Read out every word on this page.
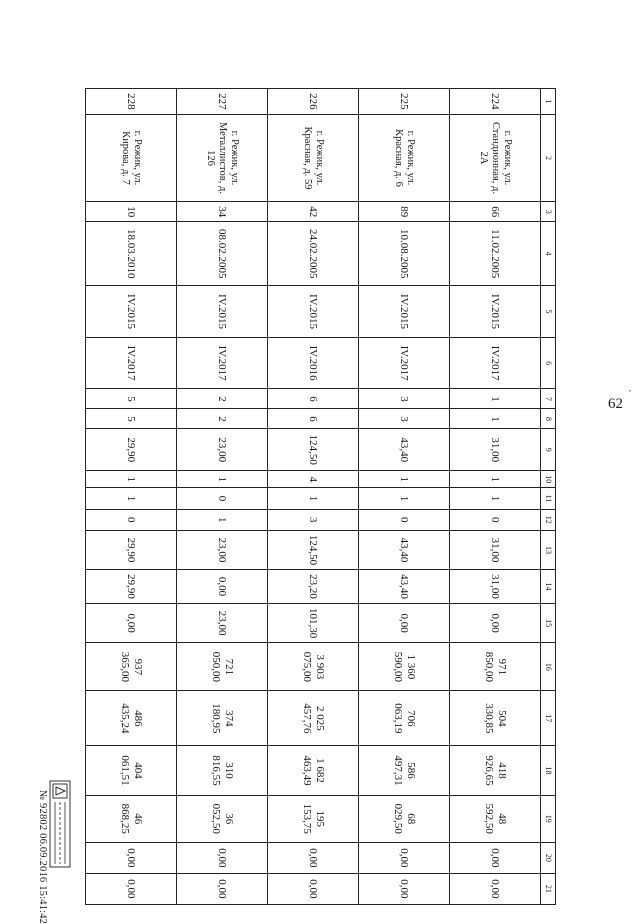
'
62
1	2	3	4	5	6	7	8	9	10	11	12	13	14	15	16	17	18	19	20	21
224	г. Режик, ул. Стандионная, д. 2А	66	11.02.2005	IV.2015	IV.2017	1	1	31,00	1	1	0	31,00	31,00	0,00	971 850,00	504 330,85	418 926,65	48 592,50	0,00	0,00
225	г. Режик, ул. Красная, д. 6	89	10.08.2005	IV.2015	IV.2017	3	3	43,40	1	1	0	43,40	43,40	0,00	1 360 590,00	706 063,19	586 497,31	68 029,50	0,00	0,00
226	г. Режик, ул. Красная, д. 59	42	24.02.2005	IV.2015	IV.2016	6	6	124,50	4	1	3	124,50	23,20	101,30	3 903 075,00	2 025 457,76	1 682 463,49	195 153,75	0,00	0,00
227	г. Режик, ул. Металлистов, д. 126	34	08.02.2005	IV.2015	IV.2017	2	2	23,00	1	0	1	23,00	0,00	23,00	721 050,00	374 180,95	310 816,55	36 052,50	0,00	0,00
228	г. Режик, ул. Кирова, д. 7	10	18.03.2010	IV.2015	IV.2017	5	5	29,90	1	1	0	29,90	29,90	0,00	937 365,00	486 435,24	404 061,51	46 868,25	0,00	0,00
№ 92802 06.09.2016 15:41:42
